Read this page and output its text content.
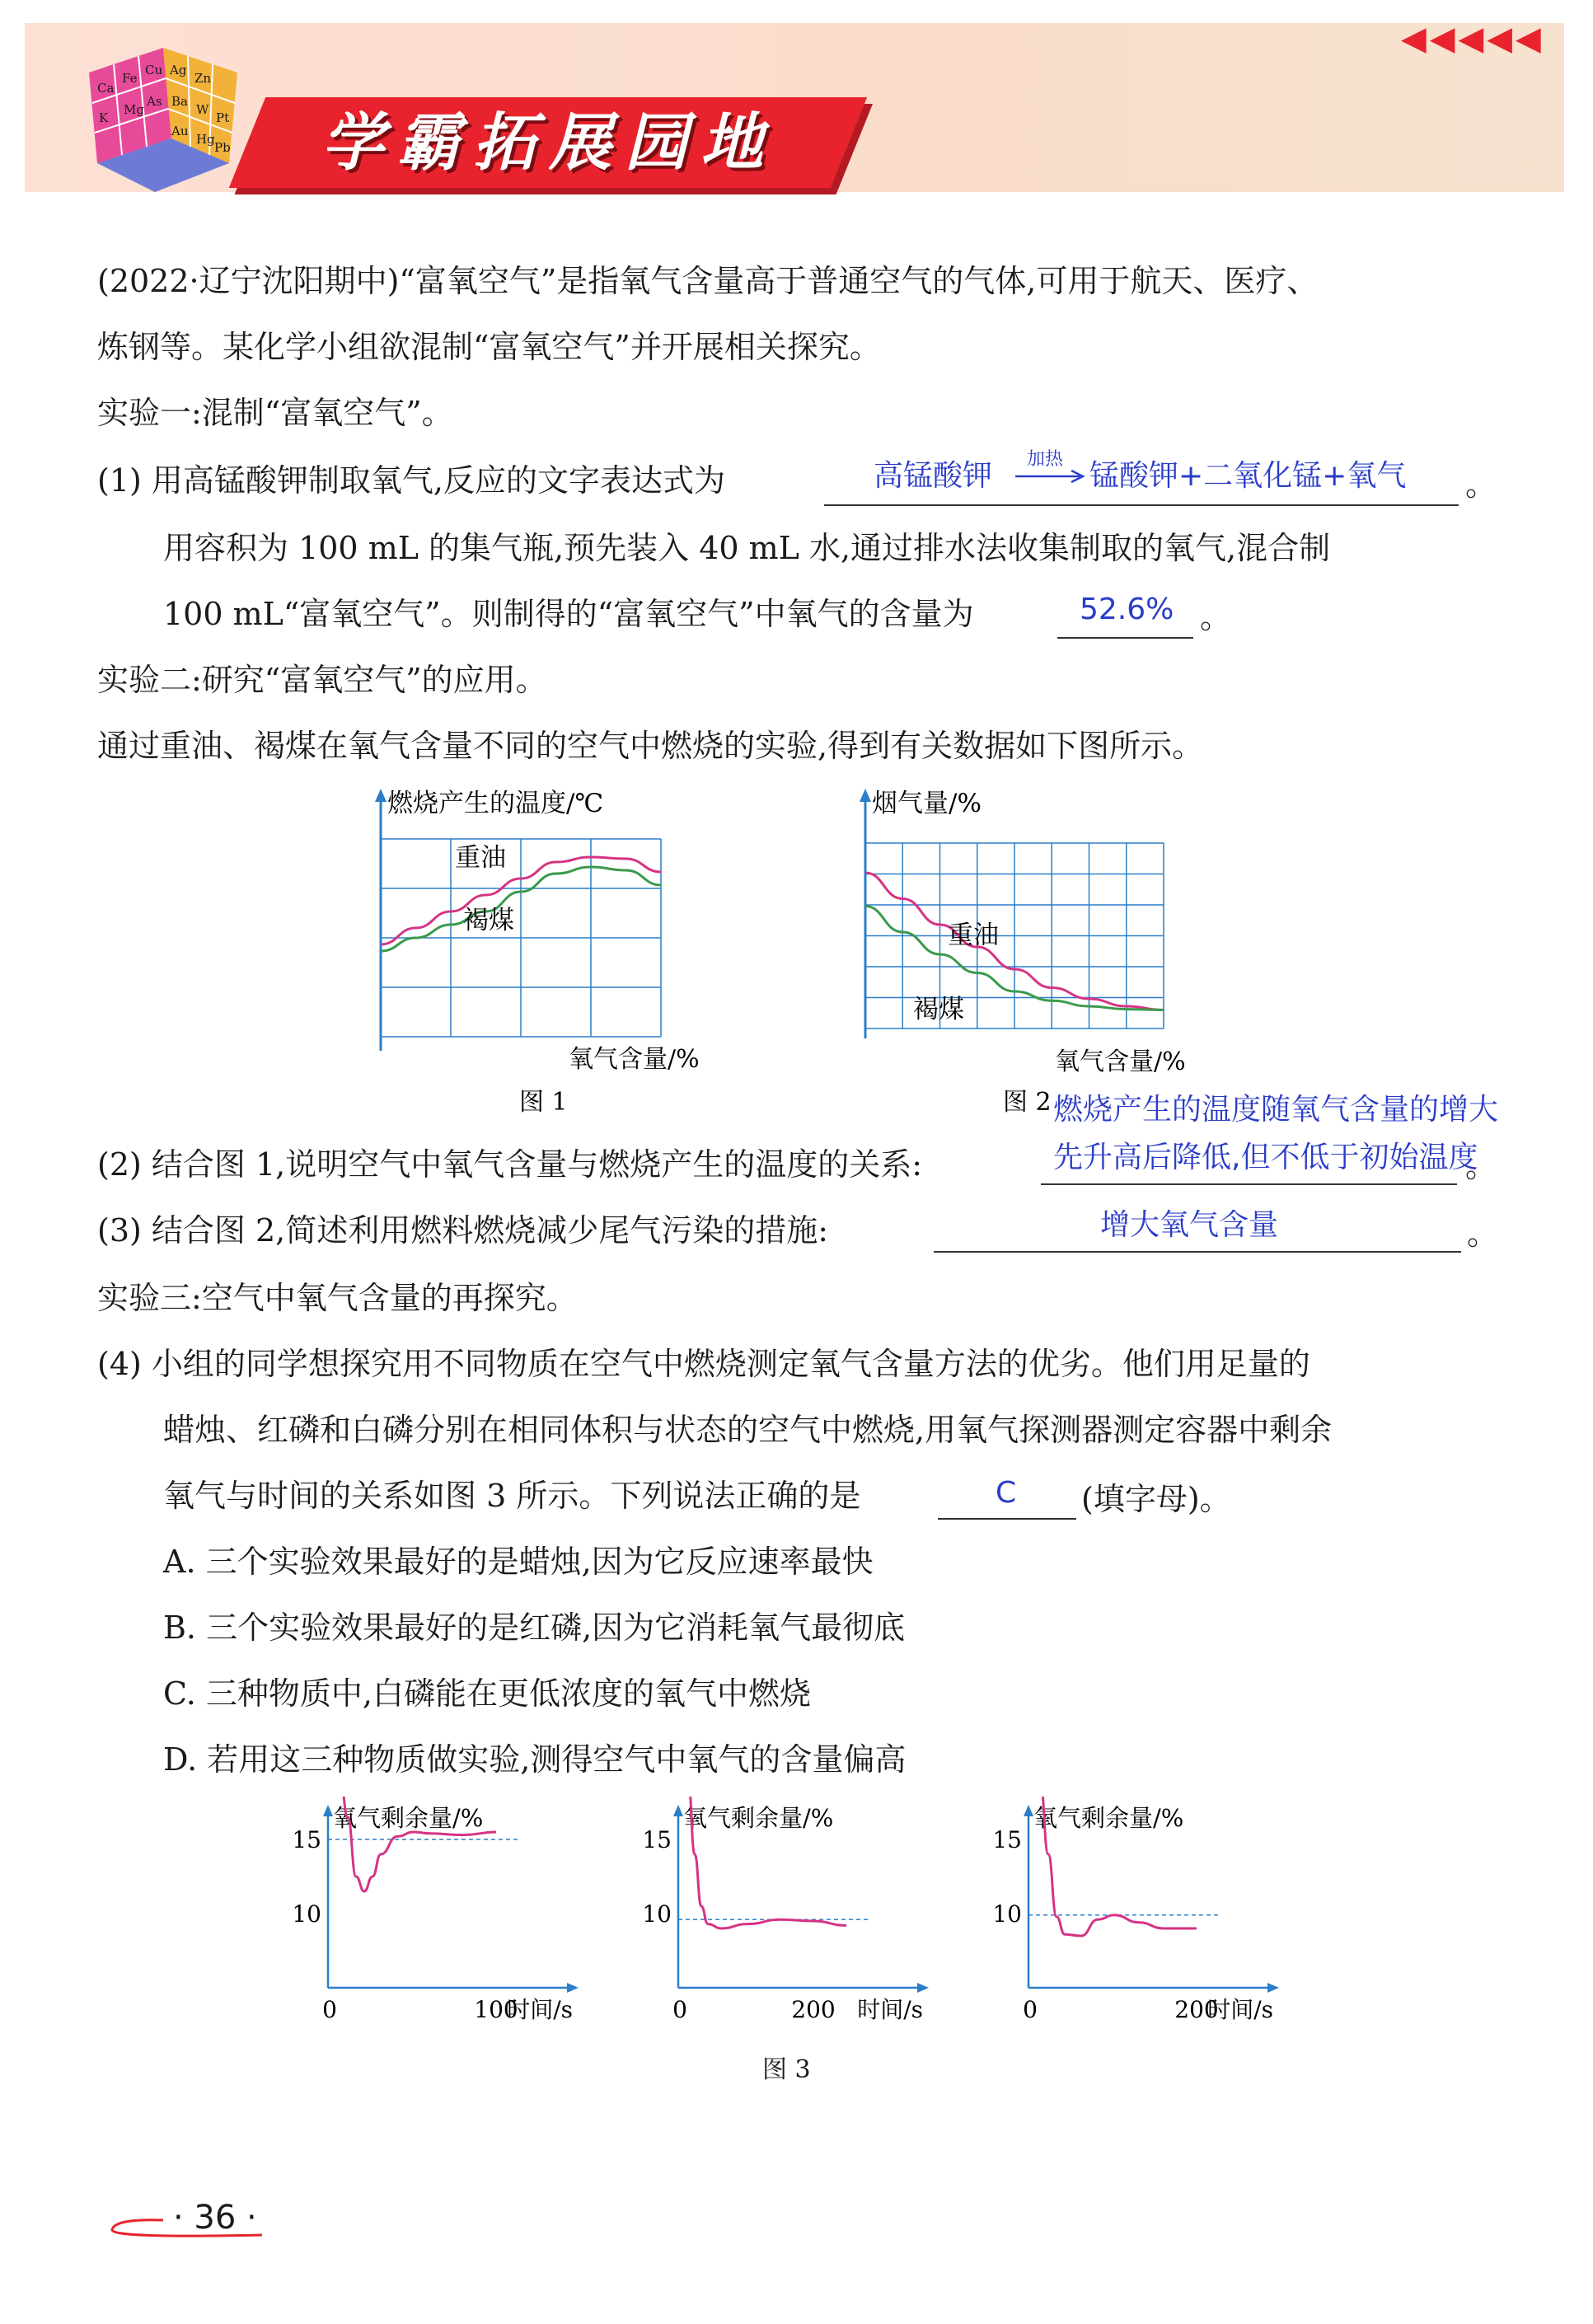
◀◀◀◀◀
学霸拓展园地
Ca
Fe
Cu
K
Mg
As
Ag
Zn
Ba
W
Pt
Au
Hg
Pb
(2022·辽宁沈阳期中)“富氧空气”是指氧气含量高于普通空气的气体,可用于航天、医疗、
炼钢等。某化学小组欲混制“富氧空气”并开展相关探究。
实验一:混制“富氧空气”。
(1) 用高锰酸钾制取氧气,反应的文字表达式为	。
高锰酸钾 加热 锰酸钾+二氧化锰+氧气
用容积为 100 mL 的集气瓶,预先装入 40 mL 水,通过排水法收集制取的氧气,混合制
100 mL“富氧空气”。则制得的“富氧空气”中氧气的含量为	52.6% 。
实验二:研究“富氧空气”的应用。
通过重油、褐煤在氧气含量不同的空气中燃烧的实验,得到有关数据如下图所示。
燃烧产生的温度/℃
重油
褐煤
氧气含量/%
图 1
烟气量/%
重油
褐煤
氧气含量/%
图 2 燃烧产生的温度随氧气含量的增大
(2) 结合图 1,说明空气中氧气含量与燃烧产生的温度的关系:	先升高后降低,但不低于初始温度
。
(3) 结合图 2,简述利用燃料燃烧减少尾气污染的措施:	增大氧气含量	。
实验三:空气中氧气含量的再探究。
(4) 小组的同学想探究用不同物质在空气中燃烧测定氧气含量方法的优劣。他们用足量的
蜡烛、红磷和白磷分别在相同体积与状态的空气中燃烧,用氧气探测器测定容器中剩余
氧气与时间的关系如图 3 所示。下列说法正确的是	C (填字母)。
A. 三个实验效果最好的是蜡烛,因为它反应速率最快
B. 三个实验效果最好的是红磷,因为它消耗氧气最彻底
C. 三种物质中,白磷能在更低浓度的氧气中燃烧
D. 若用这三种物质做实验,测得空气中氧气的含量偏高
氧气剩余量/%
15
10
0	100
时间/s
氧气剩余量/%
15
10
0	200 时间/s
氧气剩余量/%
15
10
0	200
时间/s
图 3
· 36 ·
